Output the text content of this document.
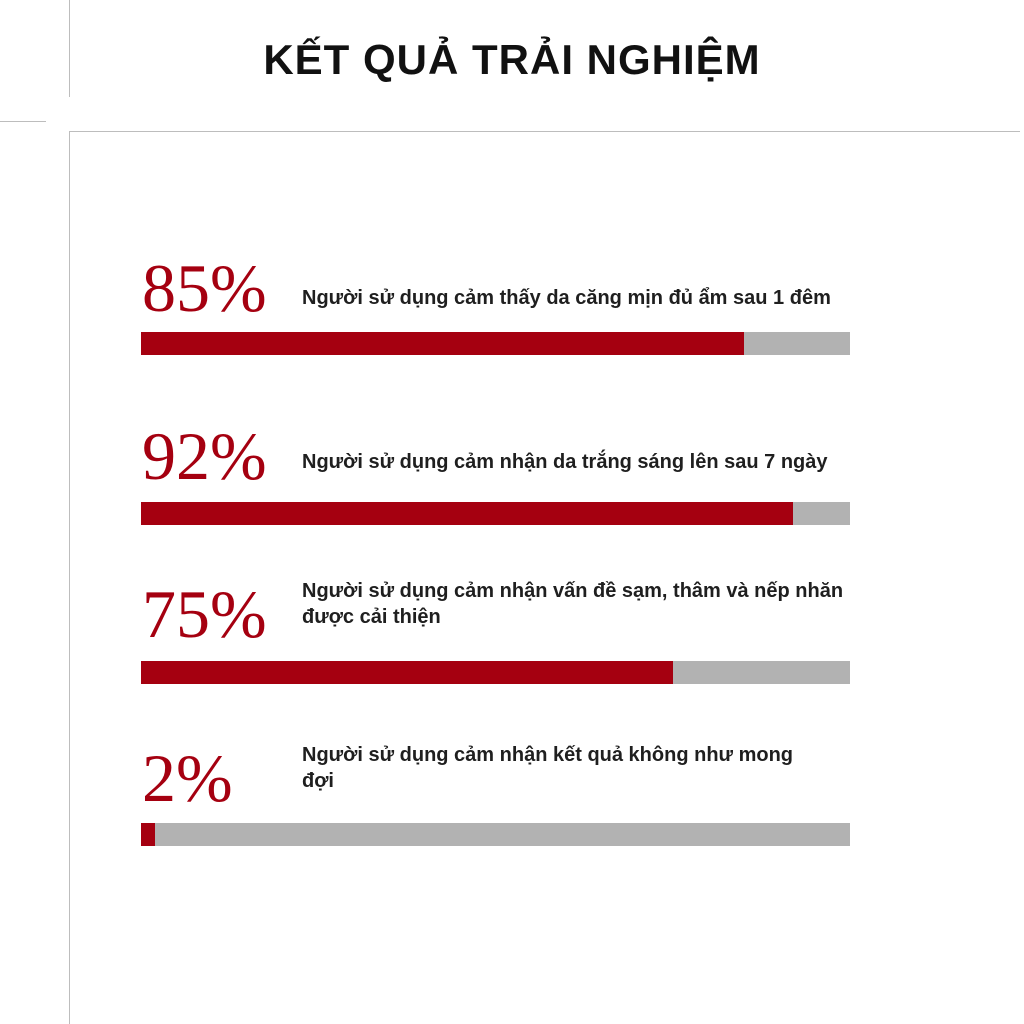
KẾT QUẢ TRẢI NGHIỆM
85% Người sử dụng cảm thấy da căng mịn đủ ẩm sau 1 đêm
92% Người sử dụng cảm nhận da trắng sáng lên sau 7 ngày
75% Người sử dụng cảm nhận vấn đề sạm, thâm và nếp nhăn được cải thiện
2%	Người sử dụng cảm nhận kết quả không như mong đợi
